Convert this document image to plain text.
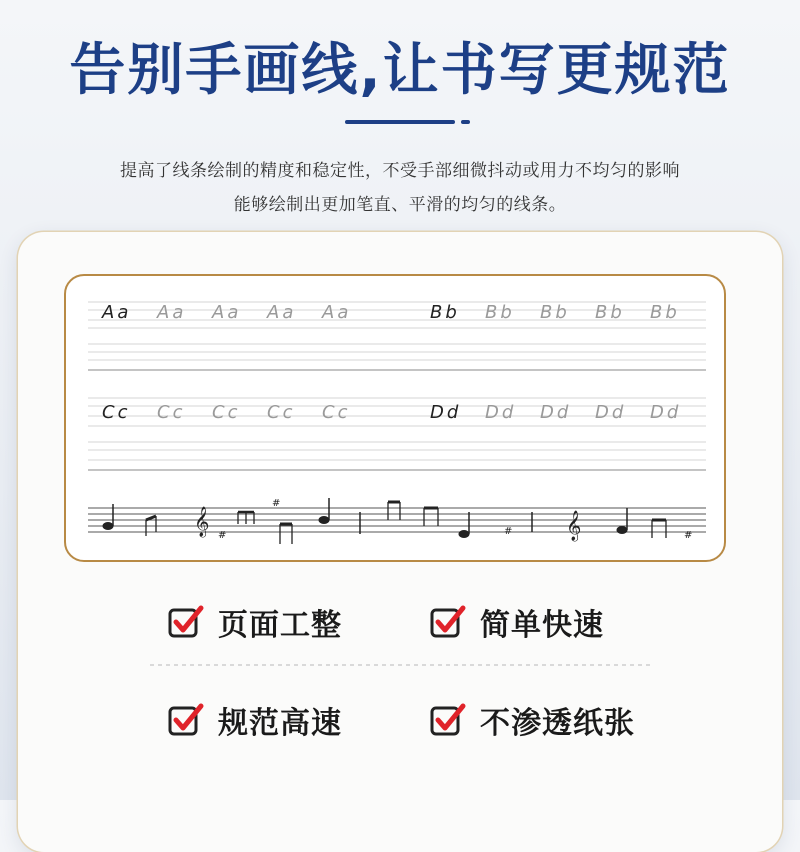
告别手画线,让书写更规范

提高了线条绘制的精度和稳定性，不受手部细微抖动或用力不均匀的影响

能够绘制出更加笔直、平滑的均匀的线条。

Aa Aa Aa Aa Aa	Bb Bb Bb Bb Bb
Cc Cc Cc Cc Cc	Dd Dd Dd Dd Dd
𝄞 #
#
# 𝄞	#
页面工整	简单快速
规范高速	不渗透纸张
